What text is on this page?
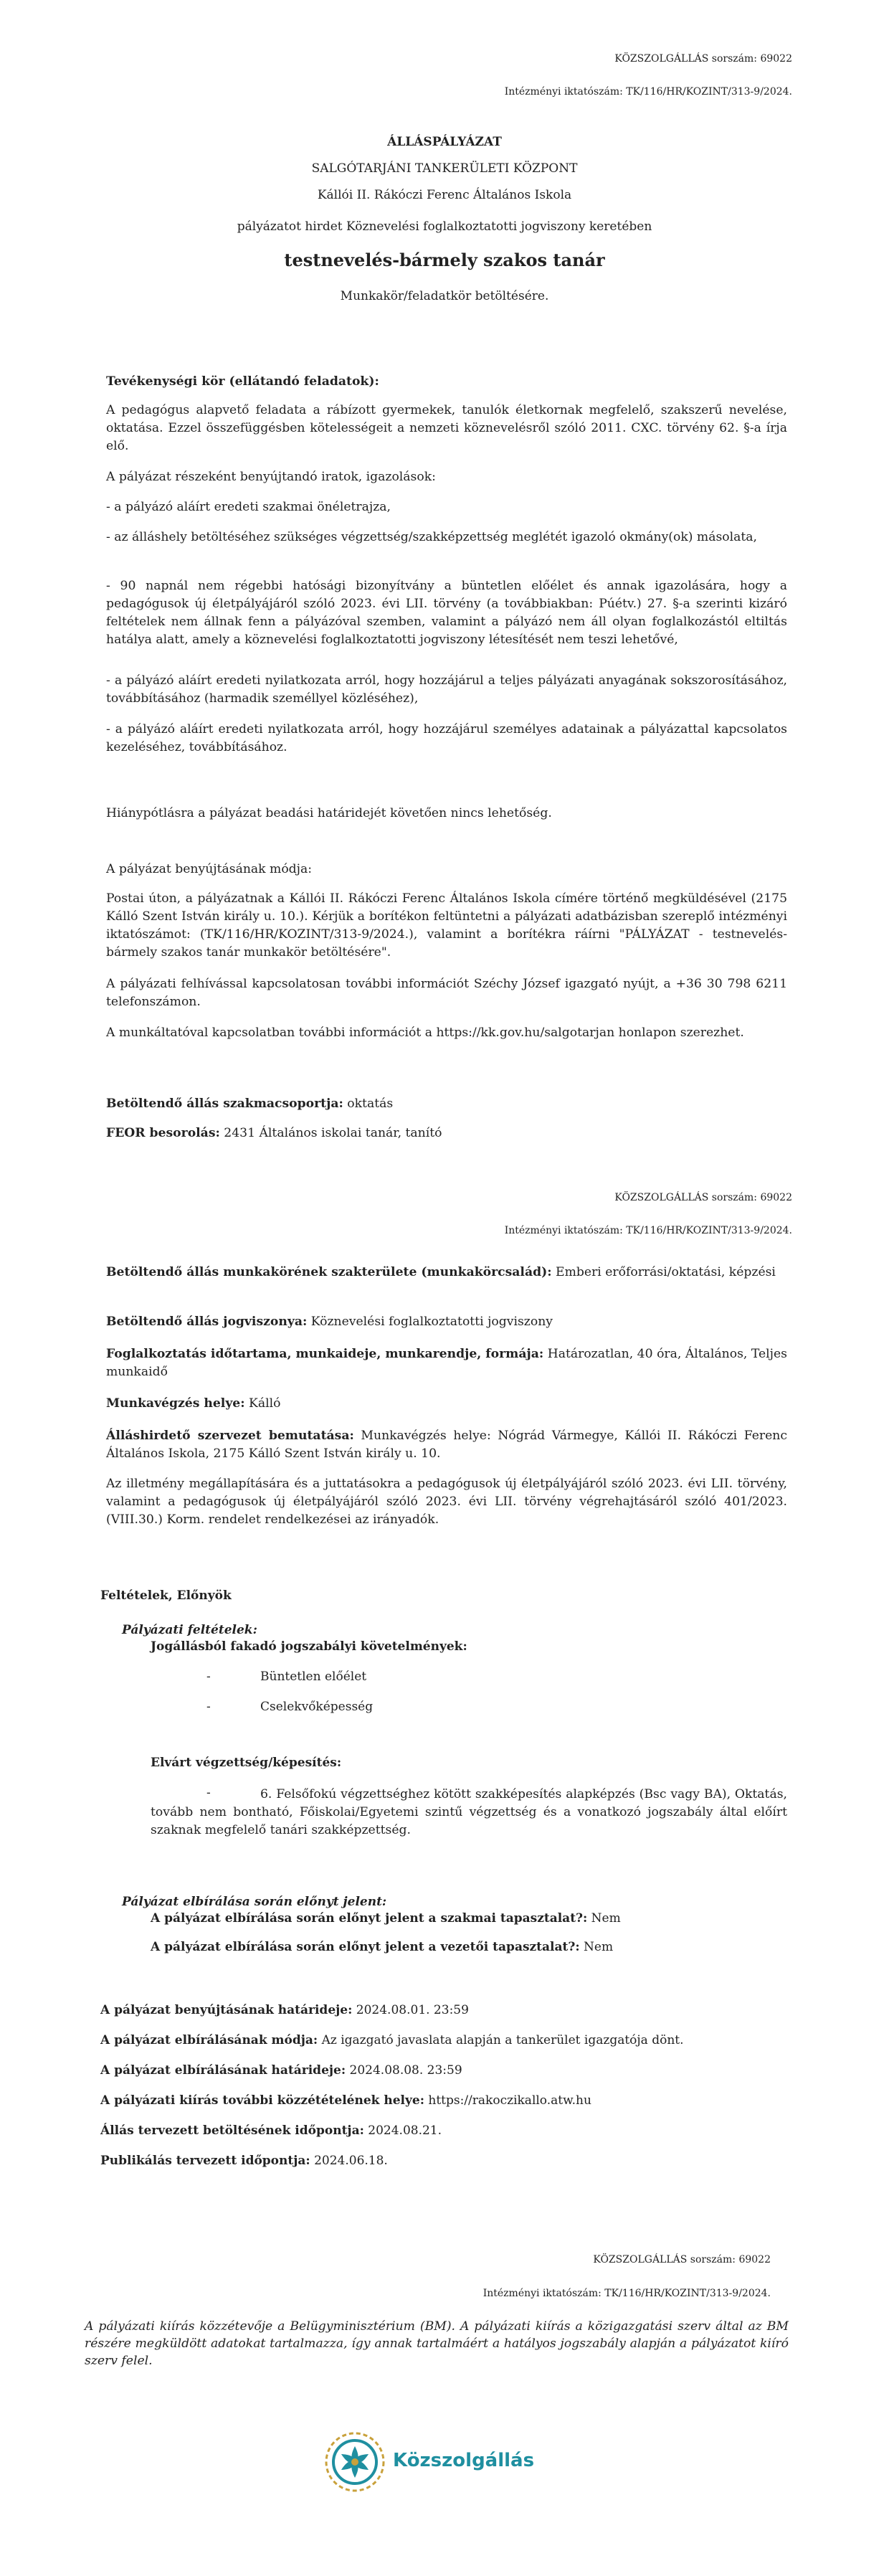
KÖZSZOLGÁLLÁS sorszám: 69022
Intézményi iktatószám: TK/116/HR/KOZINT/313-9/2024.
ÁLLÁSPÁLYÁZAT
SALGÓTARJÁNI TANKERÜLETI KÖZPONT
Kállói II. Rákóczi Ferenc Általános Iskola
pályázatot hirdet Köznevelési foglalkoztatotti jogviszony keretében
testnevelés-bármely szakos tanár
Munkakör/feladatkör betöltésére.
Tevékenységi kör (ellátandó feladatok):
A pedagógus alapvető feladata a rábízott gyermekek, tanulók életkornak megfelelő, szakszerű nevelése, oktatása. Ezzel összefüggésben kötelességeit a nemzeti köznevelésről szóló 2011. CXC. törvény 62. §-a írja elő.
A pályázat részeként benyújtandó iratok, igazolások:
- a pályázó aláírt eredeti szakmai önéletrajza,
- az álláshely betöltéséhez szükséges végzettség/szakképzettség meglétét igazoló okmány(ok) másolata,
- 90 napnál nem régebbi hatósági bizonyítvány a büntetlen előélet és annak igazolására, hogy a pedagógusok új életpályájáról szóló 2023. évi LII. törvény (a továbbiakban: Púétv.) 27. §-a szerinti kizáró feltételek nem állnak fenn a pályázóval szemben, valamint a pályázó nem áll olyan foglalkozástól eltiltás hatálya alatt, amely a köznevelési foglalkoztatotti jogviszony létesítését nem teszi lehetővé,
- a pályázó aláírt eredeti nyilatkozata arról, hogy hozzájárul a teljes pályázati anyagának sokszorosításához, továbbításához (harmadik személlyel közléséhez),
- a pályázó aláírt eredeti nyilatkozata arról, hogy hozzájárul személyes adatainak a pályázattal kapcsolatos kezeléséhez, továbbításához.
Hiánypótlásra a pályázat beadási határidejét követően nincs lehetőség.
A pályázat benyújtásának módja:
Postai úton, a pályázatnak a Kállói II. Rákóczi Ferenc Általános Iskola címére történő megküldésével (2175 Kálló Szent István király u. 10.). Kérjük a borítékon feltüntetni a pályázati adatbázisban szereplő intézményi iktatószámot: (TK/116/HR/KOZINT/313-9/2024.), valamint a borítékra ráírni "PÁLYÁZAT - testnevelés-bármely szakos tanár munkakör betöltésére".
A pályázati felhívással kapcsolatosan további információt Széchy József igazgató nyújt, a +36 30 798 6211 telefonszámon.
A munkáltatóval kapcsolatban további információt a https://kk.gov.hu/salgotarjan honlapon szerezhet.
Betöltendő állás szakmacsoportja: oktatás
FEOR besorolás: 2431 Általános iskolai tanár, tanító
KÖZSZOLGÁLLÁS sorszám: 69022
Intézményi iktatószám: TK/116/HR/KOZINT/313-9/2024.
Betöltendő állás munkakörének szakterülete (munkakörcsalád): Emberi erőforrási/oktatási, képzési
Betöltendő állás jogviszonya: Köznevelési foglalkoztatotti jogviszony
Foglalkoztatás időtartama, munkaideje, munkarendje, formája: Határozatlan, 40 óra, Általános, Teljes munkaidő
Munkavégzés helye: Kálló
Álláshirdető szervezet bemutatása: Munkavégzés helye: Nógrád Vármegye, Kállói II. Rákóczi Ferenc Általános Iskola, 2175 Kálló Szent István király u. 10.
Az illetmény megállapítására és a juttatásokra a pedagógusok új életpályájáról szóló 2023. évi LII. törvény, valamint a pedagógusok új életpályájáról szóló 2023. évi LII. törvény végrehajtásáról szóló 401/2023. (VIII.30.) Korm. rendelet rendelkezései az irányadók.
Feltételek, Előnyök
Pályázati feltételek:
Jogállásból fakadó jogszabályi követelmények:
-	Büntetlen előélet
-	Cselekvőképesség
Elvárt végzettség/képesítés:
-	6. Felsőfokú végzettséghez kötött szakképesítés alapképzés (Bsc vagy BA), Oktatás, tovább nem bontható, Főiskolai/Egyetemi szintű végzettség és a vonatkozó jogszabály által előírt szaknak megfelelő tanári szakképzettség.
Pályázat elbírálása során előnyt jelent:
A pályázat elbírálása során előnyt jelent a szakmai tapasztalat?: Nem
A pályázat elbírálása során előnyt jelent a vezetői tapasztalat?: Nem
A pályázat benyújtásának határideje: 2024.08.01. 23:59
A pályázat elbírálásának módja: Az igazgató javaslata alapján a tankerület igazgatója dönt.
A pályázat elbírálásának határideje: 2024.08.08. 23:59
A pályázati kiírás további közzétételének helye: https://rakoczikallo.atw.hu
Állás tervezett betöltésének időpontja: 2024.08.21.
Publikálás tervezett időpontja: 2024.06.18.
KÖZSZOLGÁLLÁS sorszám: 69022
Intézményi iktatószám: TK/116/HR/KOZINT/313-9/2024.
A pályázati kiírás közzétevője a Belügyminisztérium (BM). A pályázati kiírás a közigazgatási szerv által az BM részére megküldött adatokat tartalmazza, így annak tartalmáért a hatályos jogszabály alapján a pályázatot kiíró szerv felel.
Közszolgállás
